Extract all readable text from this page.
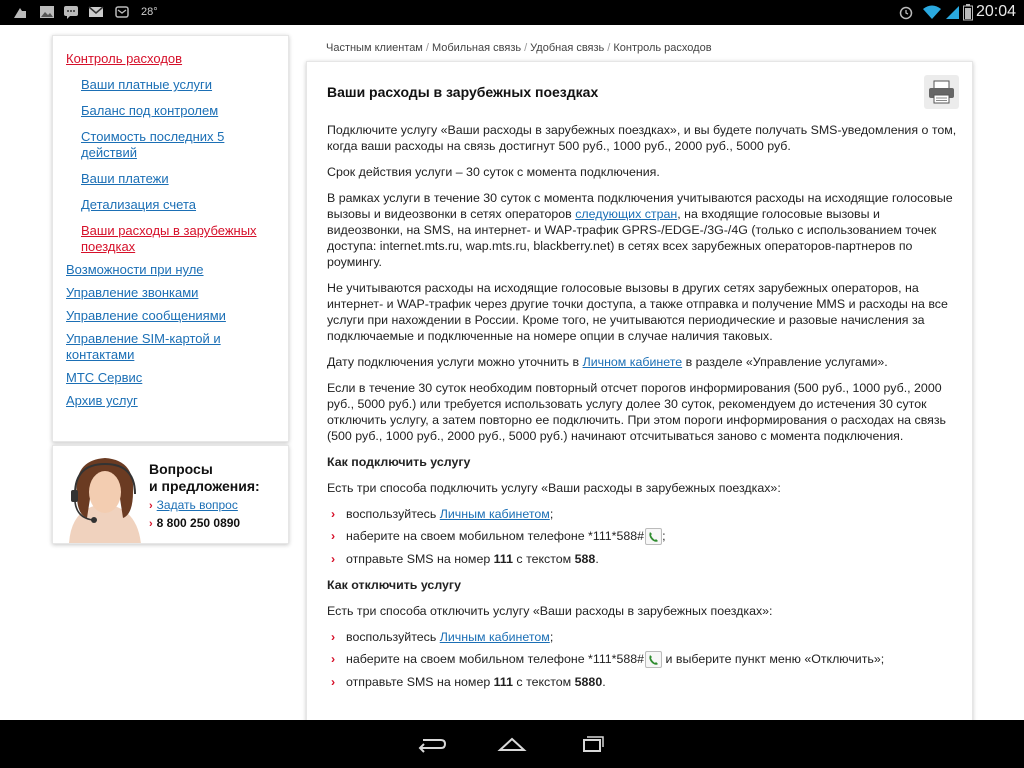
28°	20:04
Контроль расходов
Ваши платные услуги
Баланс под контролем
Стоимость последних 5 действий
Ваши платежи
Детализация счета
Ваши расходы в зарубежных поездках
Возможности при нуле
Управление звонками
Управление сообщениями
Управление SIM-картой и контактами
МТС Сервис
Архив услуг
Вопросы
и предложения:
› Задать вопрос
› 8 800 250 0890
Частным клиентам / Мобильная связь / Удобная связь / Контроль расходов
Ваши расходы в зарубежных поездках

Подключите услугу «Ваши расходы в зарубежных поездках», и вы будете получать SMS-уведомления о том, когда ваши расходы на связь достигнут 500 руб., 1000 руб., 2000 руб., 5000 руб.

Срок действия услуги – 30 суток с момента подключения.

В рамках услуги в течение 30 суток с момента подключения учитываются расходы на исходящие голосовые вызовы и видеозвонки в сетях операторов следующих стран, на входящие голосовые вызовы и видеозвонки, на SMS, на интернет- и WAP-трафик GPRS-/EDGE-/3G-/4G (только с использованием точек доступа: internet.mts.ru, wap.mts.ru, blackberry.net) в сетях всех зарубежных операторов-партнеров по роумингу.

Не учитываются расходы на исходящие голосовые вызовы в других сетях зарубежных операторов, на интернет- и WAP-трафик через другие точки доступа, а также отправка и получение MMS и расходы на все услуги при нахождении в России. Кроме того, не учитываются периодические и разовые начисления за подключаемые и подключенные на номере опции в случае наличия таковых.

Дату подключения услуги можно уточнить в Личном кабинете в разделе «Управление услугами».

Если в течение 30 суток необходим повторный отсчет порогов информирования (500 руб., 1000 руб., 2000 руб., 5000 руб.) или требуется использовать услугу долее 30 суток, рекомендуем до истечения 30 суток отключить услугу, а затем повторно ее подключить. При этом пороги информирования о расходах на связь (500 руб., 1000 руб., 2000 руб., 5000 руб.) начинают отсчитываться заново с момента подключения.

Как подключить услугу

Есть три способа подключить услугу «Ваши расходы в зарубежных поездках»:

› воспользуйтесь Личным кабинетом;
› наберите на своем мобильном телефоне *111*588# ;
› отправьте SMS на номер 111 с текстом 588.
Как отключить услугу

Есть три способа отключить услугу «Ваши расходы в зарубежных поездках»:

› воспользуйтесь Личным кабинетом;
› наберите на своем мобильном телефоне *111*588# и выберите пункт меню «Отключить»;
› отправьте SMS на номер 111 с текстом 5880.
